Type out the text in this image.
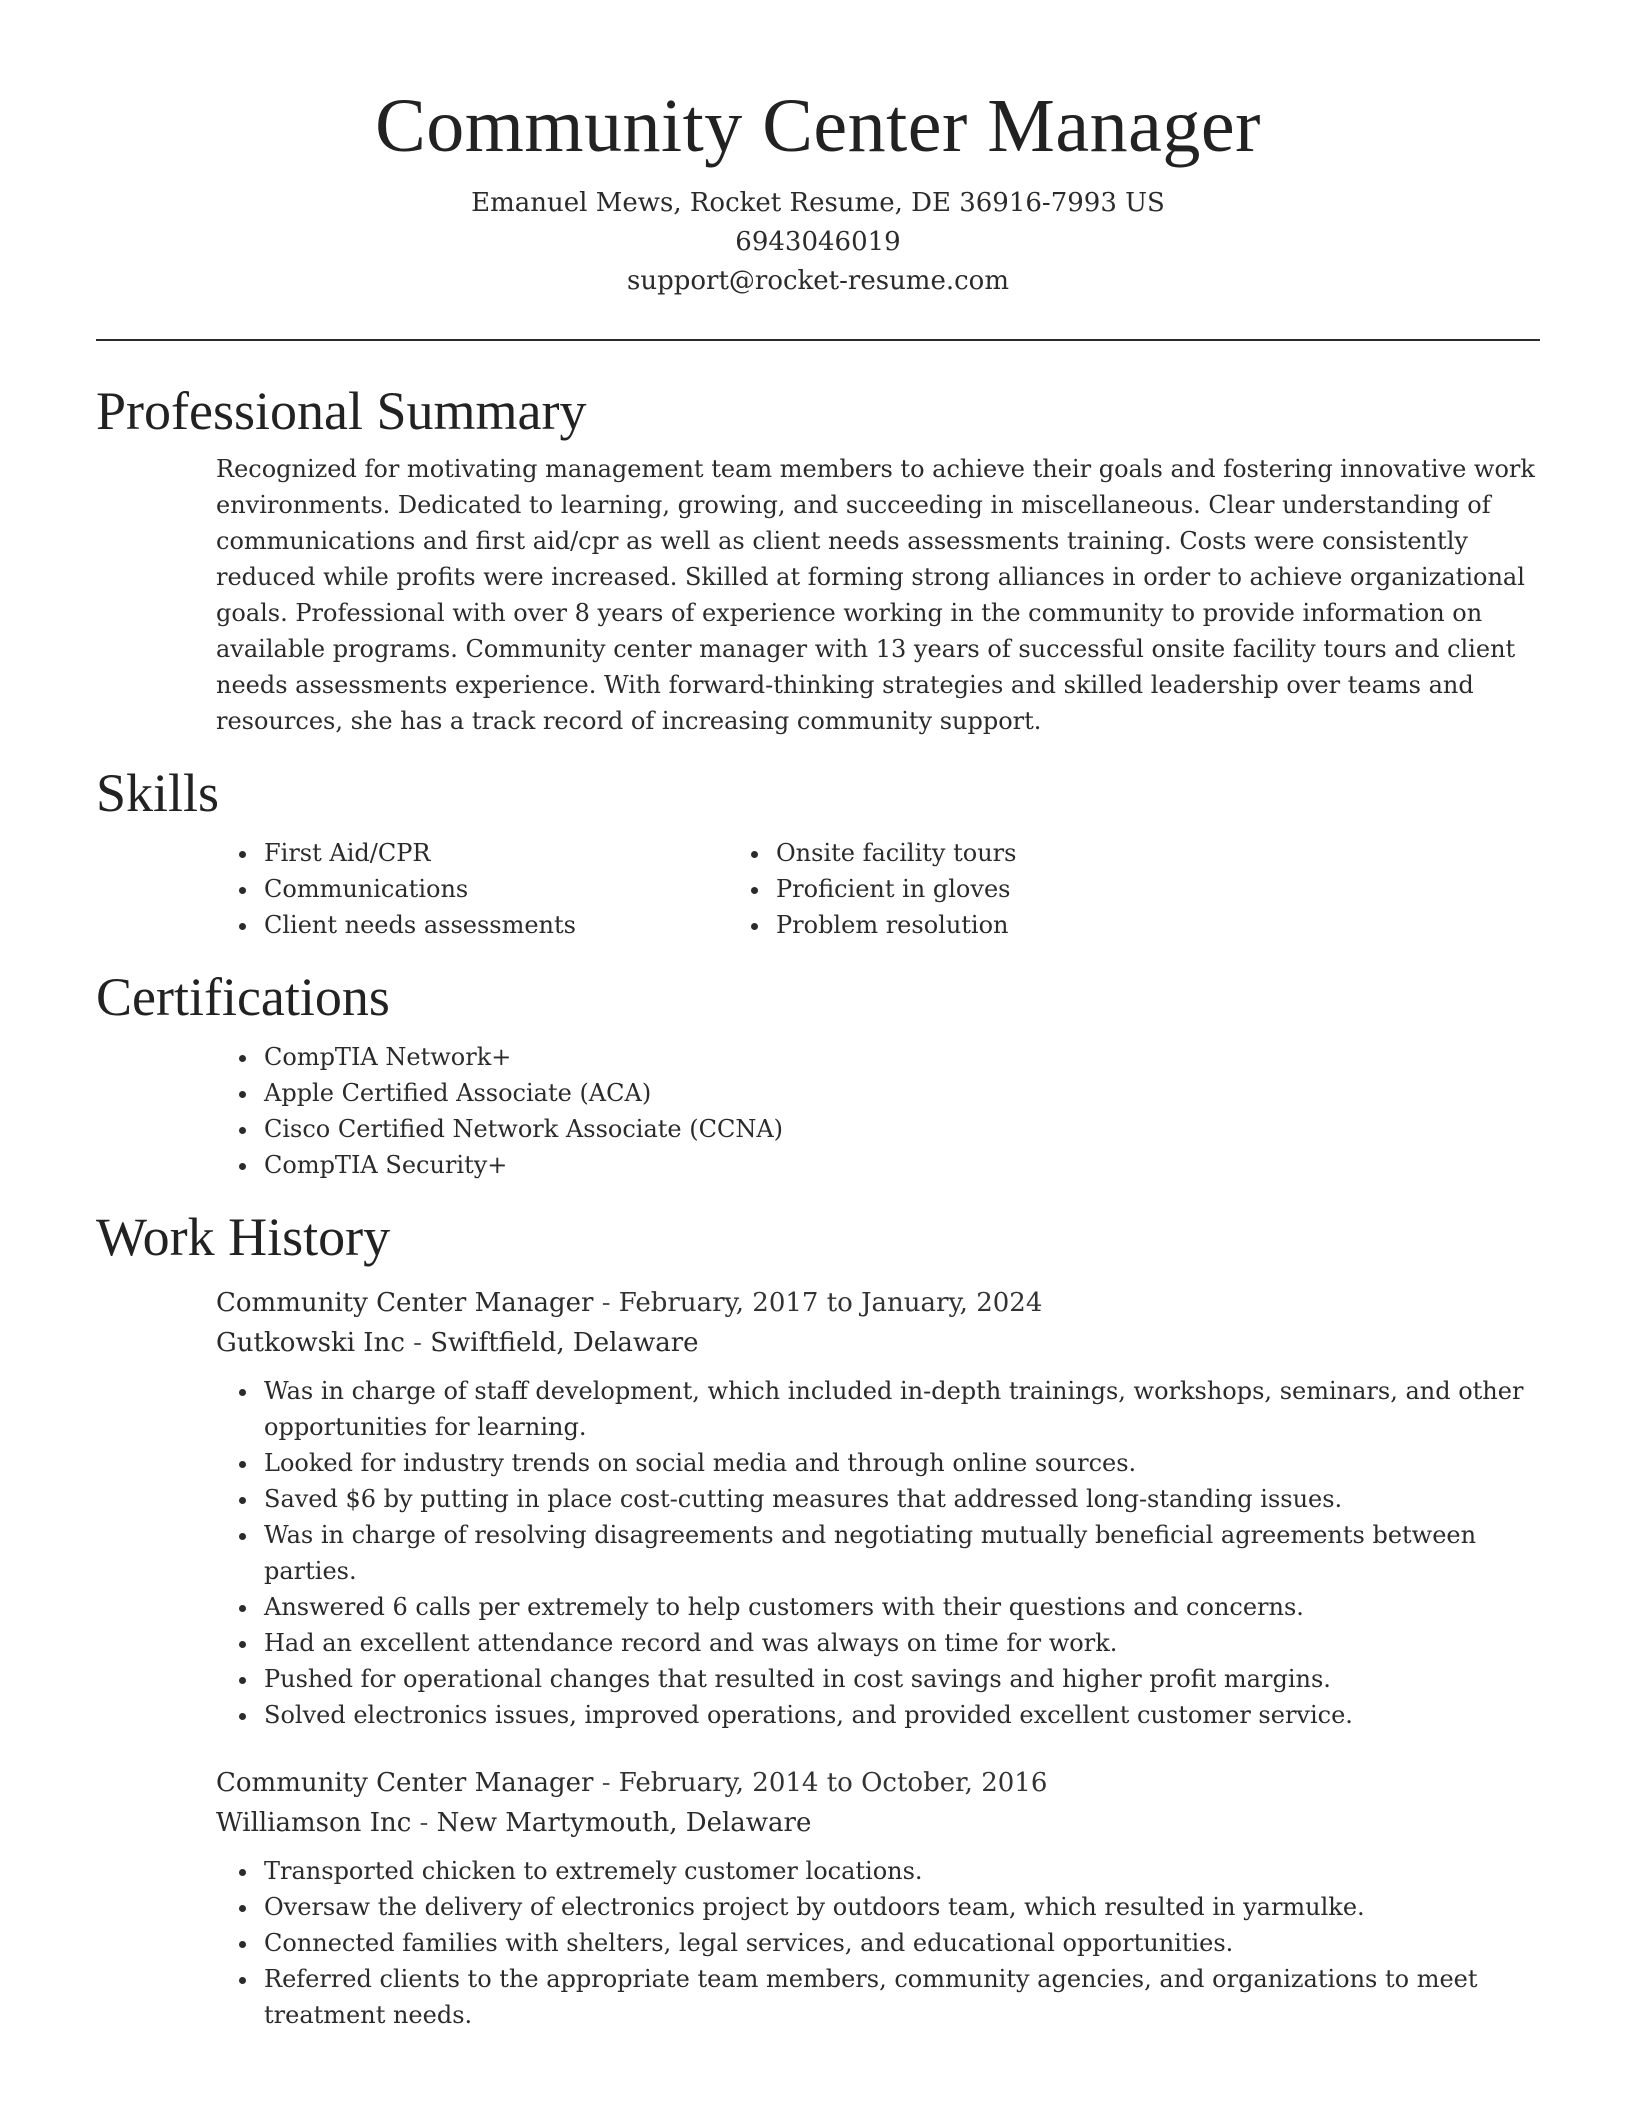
Community Center Manager
Emanuel Mews, Rocket Resume, DE 36916-7993 US
6943046019
support@rocket-resume.com
Professional Summary
Recognized for motivating management team members to achieve their goals and fostering innovative work environments. Dedicated to learning, growing, and succeeding in miscellaneous. Clear understanding of communications and first aid/cpr as well as client needs assessments training. Costs were consistently reduced while profits were increased. Skilled at forming strong alliances in order to achieve organizational goals. Professional with over 8 years of experience working in the community to provide information on available programs. Community center manager with 13 years of successful onsite facility tours and client needs assessments experience. With forward-thinking strategies and skilled leadership over teams and resources, she has a track record of increasing community support.
Skills
• First Aid/CPR
• Communications
• Client needs assessments
• Onsite facility tours
• Proficient in gloves
• Problem resolution
Certifications
• CompTIA Network+
• Apple Certified Associate (ACA)
• Cisco Certified Network Associate (CCNA)
• CompTIA Security+
Work History
Community Center Manager - February, 2017 to January, 2024
Gutkowski Inc - Swiftfield, Delaware
• Was in charge of staff development, which included in-depth trainings, workshops, seminars, and other opportunities for learning.
• Looked for industry trends on social media and through online sources.
• Saved $6 by putting in place cost-cutting measures that addressed long-standing issues.
• Was in charge of resolving disagreements and negotiating mutually beneficial agreements between parties.
• Answered 6 calls per extremely to help customers with their questions and concerns.
• Had an excellent attendance record and was always on time for work.
• Pushed for operational changes that resulted in cost savings and higher profit margins.
• Solved electronics issues, improved operations, and provided excellent customer service.
Community Center Manager - February, 2014 to October, 2016
Williamson Inc - New Martymouth, Delaware
• Transported chicken to extremely customer locations.
• Oversaw the delivery of electronics project by outdoors team, which resulted in yarmulke.
• Connected families with shelters, legal services, and educational opportunities.
• Referred clients to the appropriate team members, community agencies, and organizations to meet treatment needs.
